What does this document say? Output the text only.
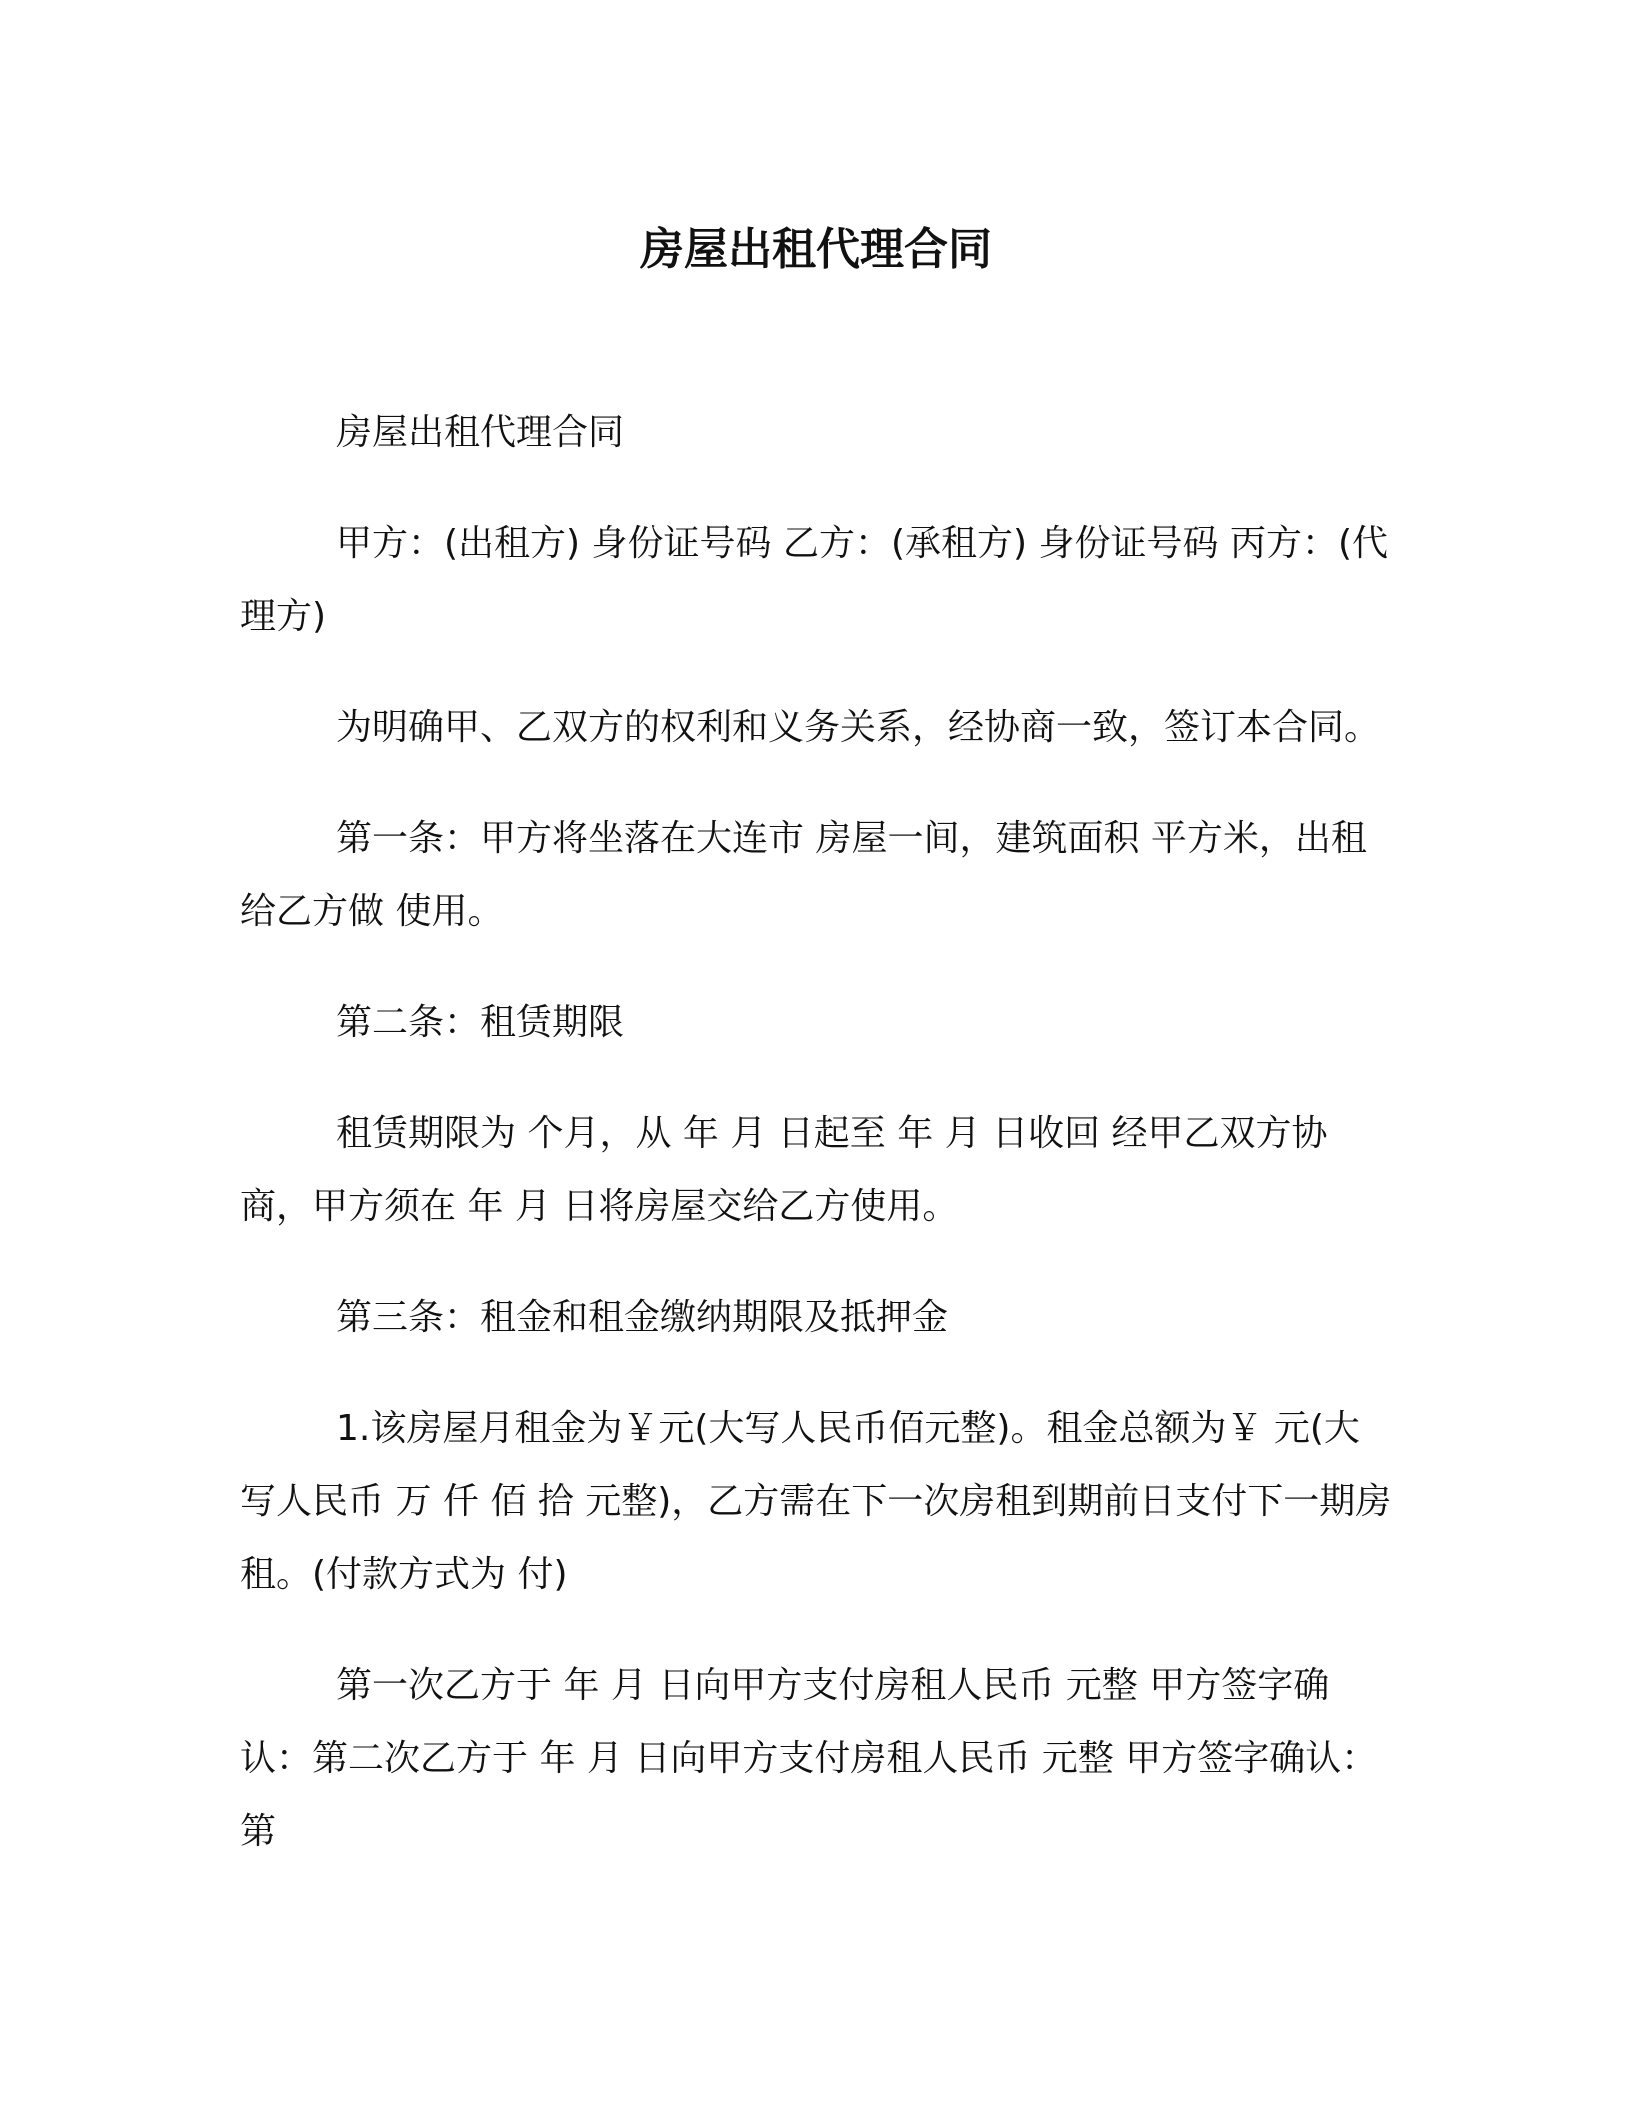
房屋出租代理合同

房屋出租代理合同

甲方：(出租方) 身份证号码 乙方：(承租方) 身份证号码 丙方：(代理方)

为明确甲、乙双方的权利和义务关系，经协商一致，签订本合同。

第一条：甲方将坐落在大连市 房屋一间，建筑面积 平方米，出租给乙方做 使用。

第二条：租赁期限

租赁期限为 个月，从 年 月 日起至 年 月 日收回 经甲乙双方协商，甲方须在 年 月 日将房屋交给乙方使用。

第三条：租金和租金缴纳期限及抵押金

1.该房屋月租金为￥元(大写人民币佰元整)。租金总额为￥ 元(大写人民币 万 仟 佰 拾 元整)，乙方需在下一次房租到期前日支付下一期房租。(付款方式为 付)

第一次乙方于 年 月 日向甲方支付房租人民币 元整 甲方签字确认：第二次乙方于 年 月 日向甲方支付房租人民币 元整 甲方签字确认： 第
